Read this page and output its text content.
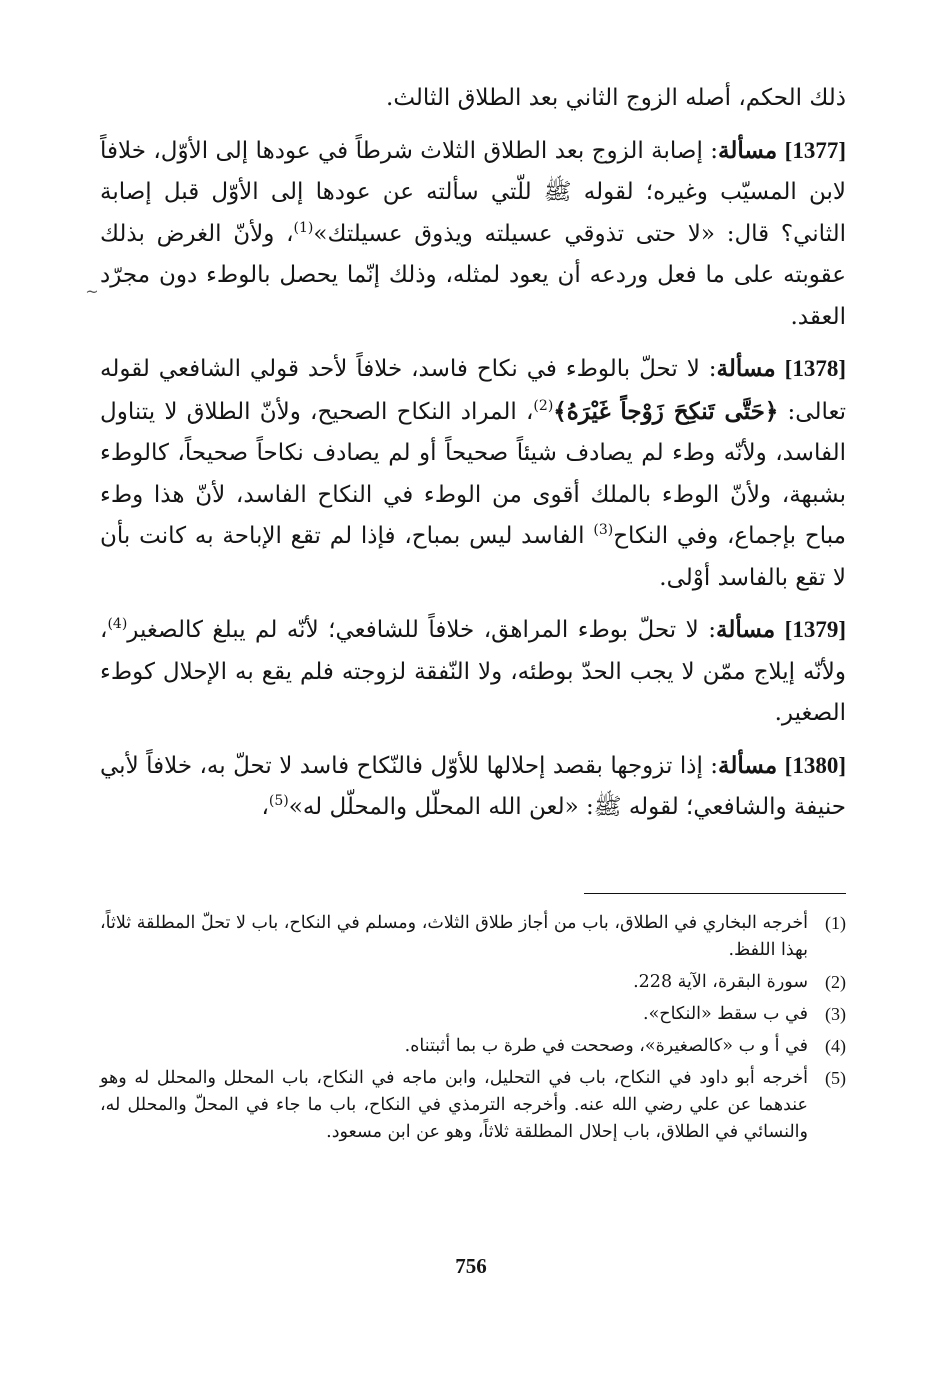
ذلك الحكم، أصله الزوج الثاني بعد الطلاق الثالث.

[1377] مسألة: إصابة الزوج بعد الطلاق الثلاث شرطاً في عودها إلى الأوّل، خلافاً لابن المسيّب وغيره؛ لقوله ﷺ للّتي سألته عن عودها إلى الأوّل قبل إصابة الثاني؟ قال: «لا حتى تذوقي عسيلته ويذوق عسيلتك»$^{(1)}$، ولأنّ الغرض بذلك عقوبته على ما فعل وردعه أن يعود لمثله، وذلك إنّما يحصل بالوطء دون مجرّد العقد.

[1378] مسألة: لا تحلّ بالوطء في نكاح فاسد، خلافاً لأحد قولي الشافعي لقوله تعالى: ﴿حَتَّى تَنكِحَ زَوْجاً غَيْرَهُ﴾$^{(2)}$، المراد النكاح الصحيح، ولأنّ الطلاق لا يتناول الفاسد، ولأنّه وطء لم يصادف شيئاً صحيحاً أو لم يصادف نكاحاً صحيحاً، كالوطء بشبهة، ولأنّ الوطء بالملك أقوى من الوطء في النكاح الفاسد، لأنّ هذا وطء مباح بإجماع، وفي النكاح$^{(3)}$ الفاسد ليس بمباح، فإذا لم تقع الإباحة به كانت بأن لا تقع بالفاسد أوْلى.

[1379] مسألة: لا تحلّ بوطء المراهق، خلافاً للشافعي؛ لأنّه لم يبلغ كالصغير$^{(4)}$، ولأنّه إيلاج ممّن لا يجب الحدّ بوطئه، ولا النّفقة لزوجته فلم يقع به الإحلال كوطء الصغير.

[1380] مسألة: إذا تزوجها بقصد إحلالها للأوّل فالنّكاح فاسد لا تحلّ به، خلافاً لأبي حنيفة والشافعي؛ لقوله ﷺ: «لعن الله المحلّل والمحلّل له»$^{(5)}$،

~
(1)
أخرجه البخاري في الطلاق، باب من أجاز طلاق الثلاث، ومسلم في النكاح، باب لا تحلّ المطلقة ثلاثاً، بهذا اللفظ.
(2)
سورة البقرة، الآية 228.
(3)
في ب سقط «النكاح».
(4)
في أ و ب «كالصغيرة»، وصححت في طرة ب بما أثبتناه.
(5)
أخرجه أبو داود في النكاح، باب في التحليل، وابن ماجه في النكاح، باب المحلل والمحلل له وهو عندهما عن علي رضي الله عنه. وأخرجه الترمذي في النكاح، باب ما جاء في المحلّ والمحلل له، والنسائي في الطلاق، باب إحلال المطلقة ثلاثاً، وهو عن ابن مسعود.
756
